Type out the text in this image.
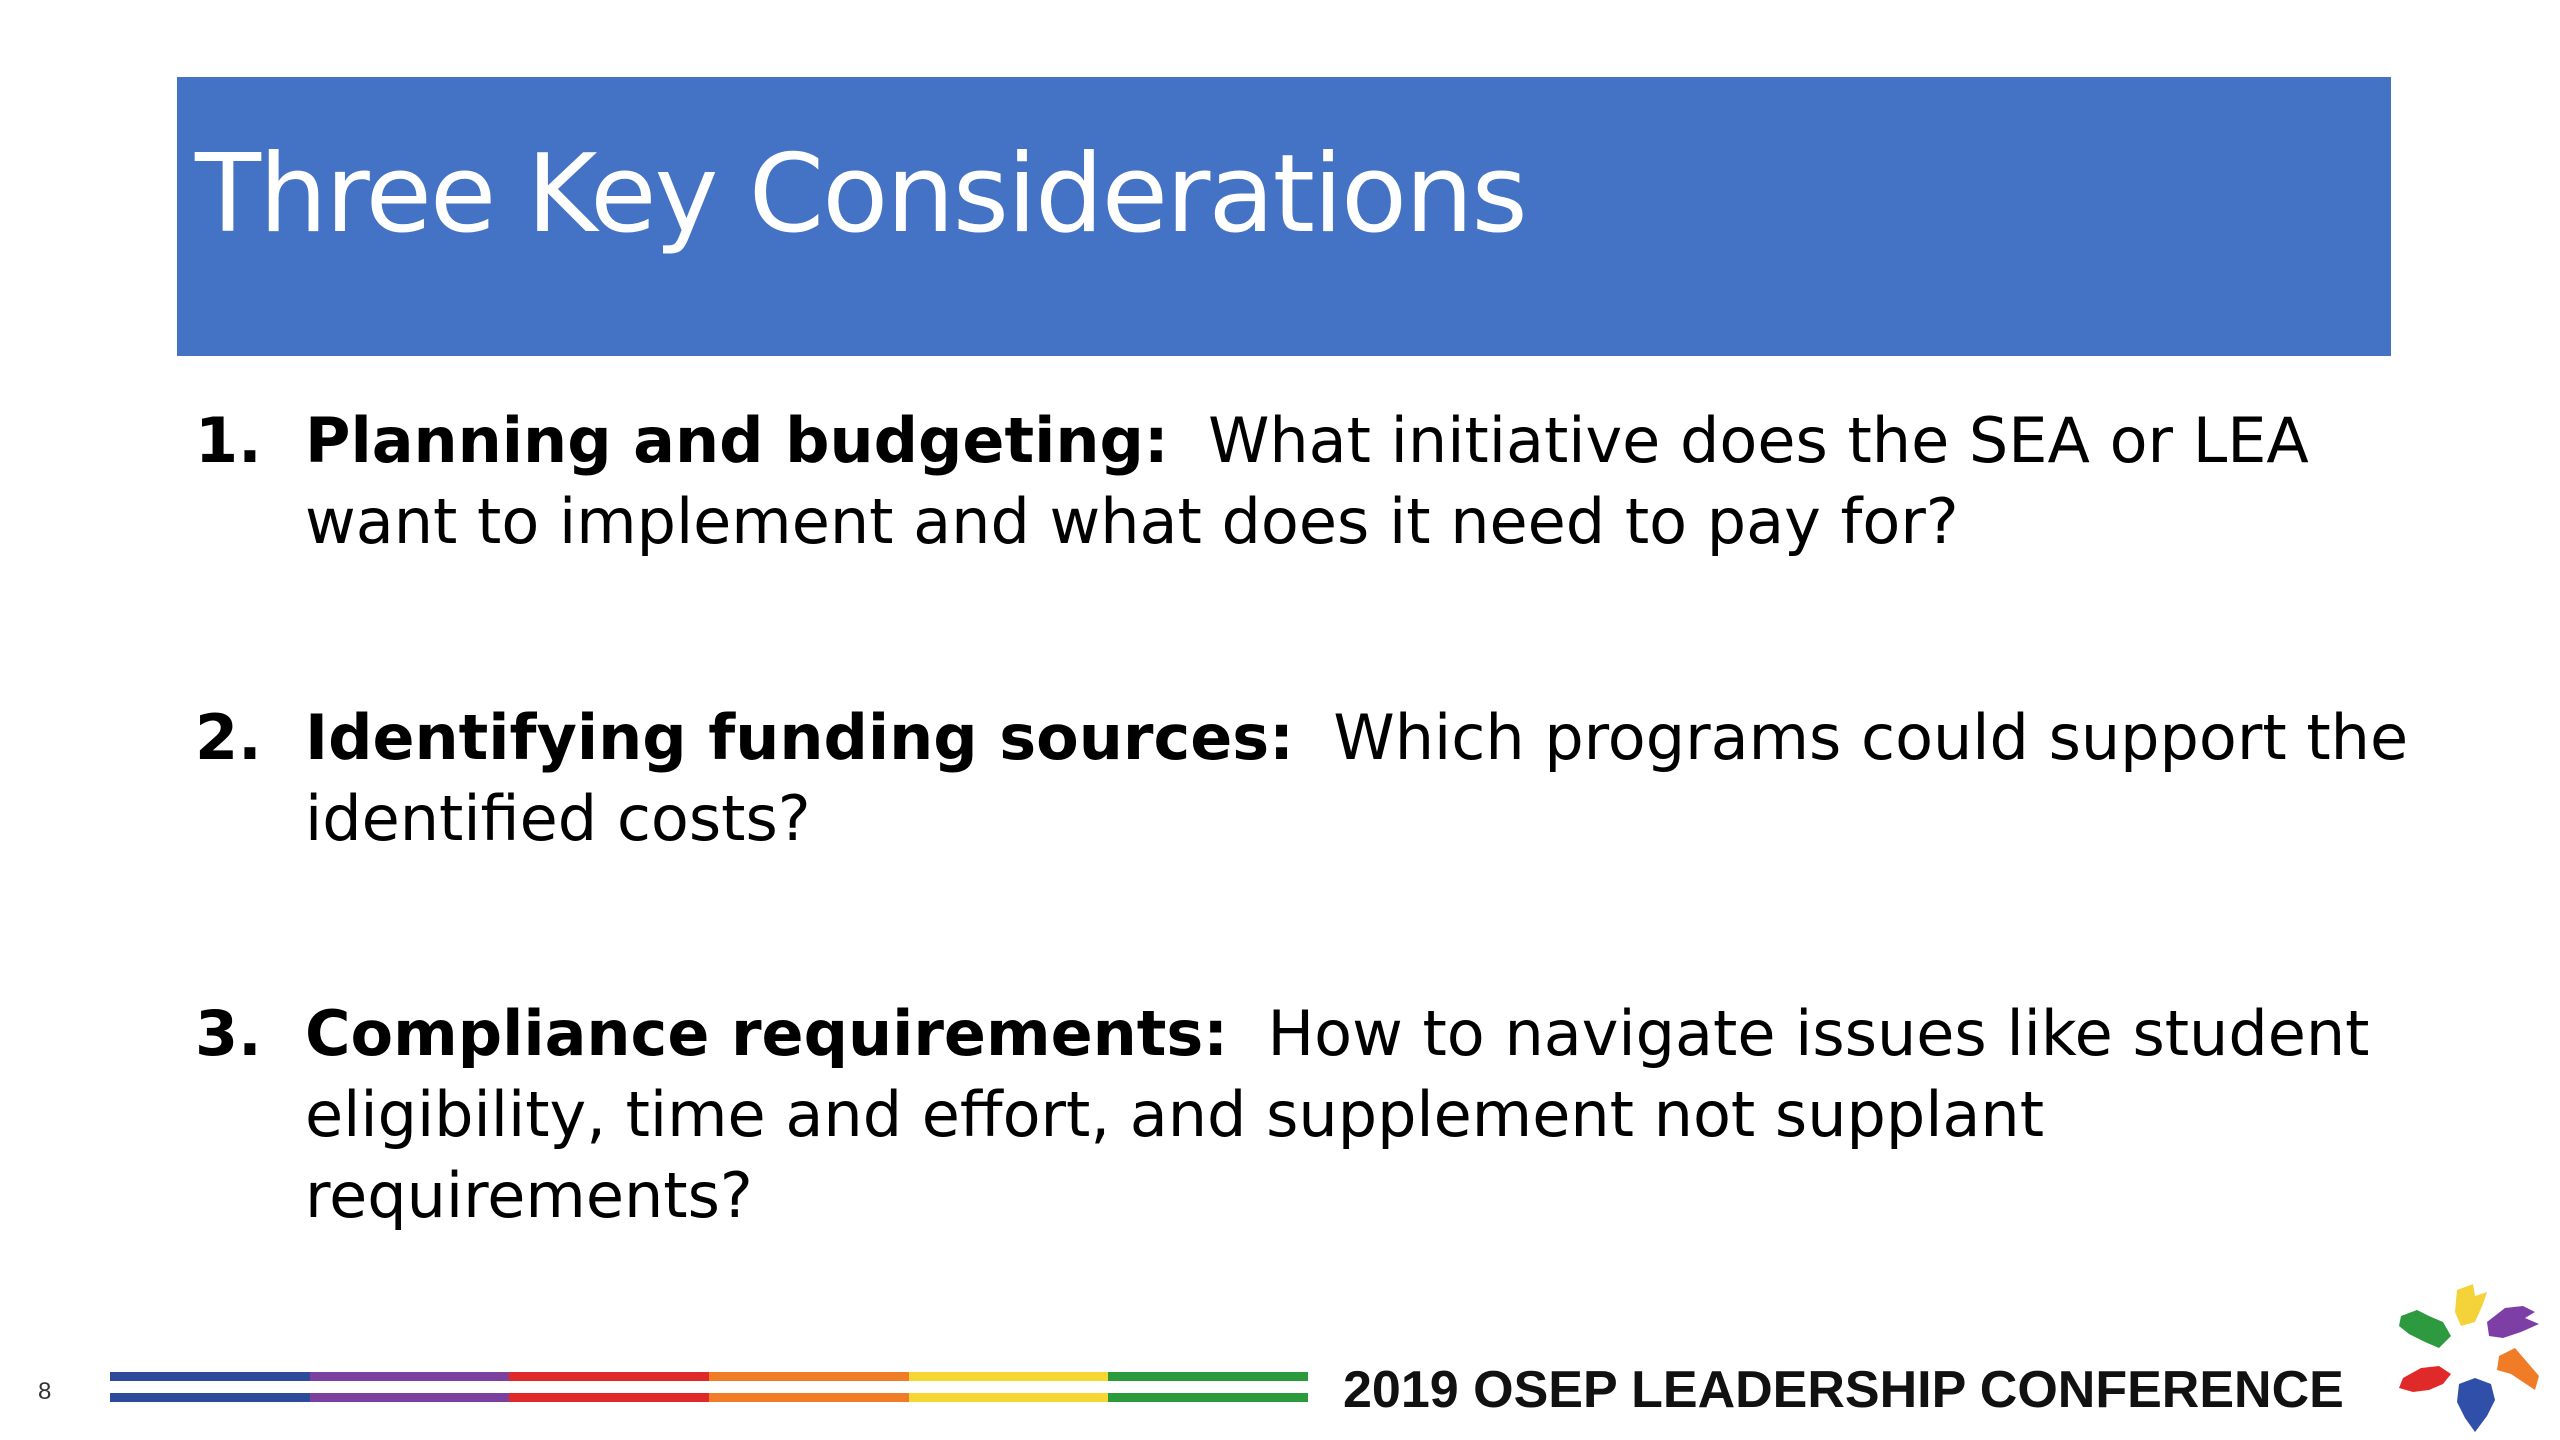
Three Key Considerations
1. Planning and budgeting: What initiative does the SEA or LEA want to implement and what does it need to pay for?
2. Identifying funding sources: Which programs could support the identified costs?
3. Compliance requirements: How to navigate issues like student eligibility, time and effort, and supplement not supplant requirements?
8	2019 OSEP LEADERSHIP CONFERENCE
